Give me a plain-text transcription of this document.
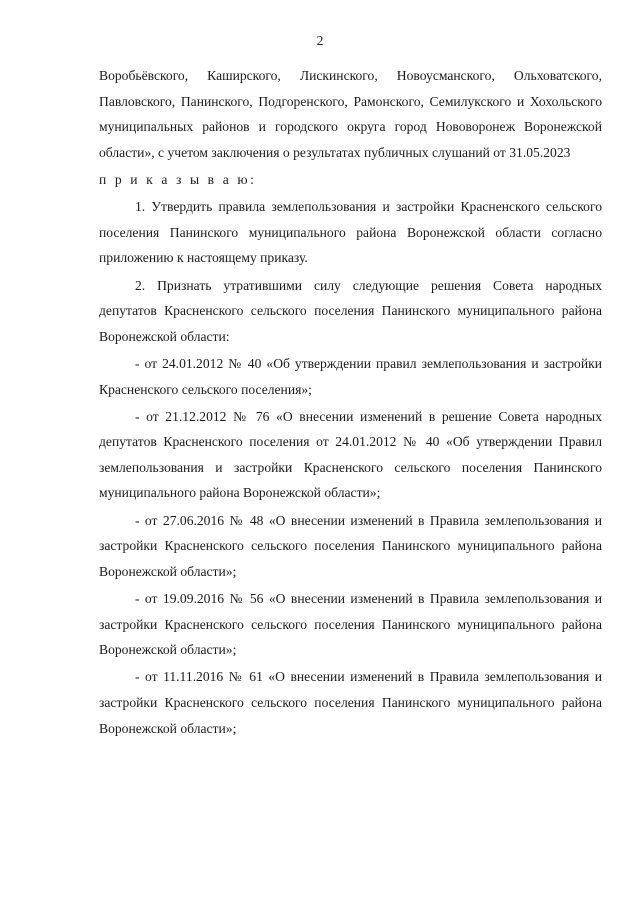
2

Воробьёвского, Каширского, Лискинского, Новоусманского, Ольховатского, Павловского, Панинского, Подгоренского, Рамонского, Семилукского и Хохольского муниципальных районов и городского округа город Нововоронеж Воронежской области», с учетом заключения о результатах публичных слушаний от 31.05.2023

п р и к а з ы в а ю:

1. Утвердить правила землепользования и застройки Красненского сельского поселения Панинского муниципального района Воронежской области согласно приложению к настоящему приказу.

2. Признать утратившими силу следующие решения Совета народных депутатов Красненского сельского поселения Панинского муниципального района Воронежской области:

- от 24.01.2012 № 40 «Об утверждении правил землепользования и застройки Красненского сельского поселения»;

- от 21.12.2012 № 76 «О внесении изменений в решение Совета народных депутатов Красненского поселения от 24.01.2012 № 40 «Об утверждении Правил землепользования и застройки Красненского сельского поселения Панинского муниципального района Воронежской области»;

- от 27.06.2016 № 48 «О внесении изменений в Правила землепользования и застройки Красненского сельского поселения Панинского муниципального района Воронежской области»;

- от 19.09.2016 № 56 «О внесении изменений в Правила землепользования и застройки Красненского сельского поселения Панинского муниципального района Воронежской области»;

- от 11.11.2016 № 61 «О внесении изменений в Правила землепользования и застройки Красненского сельского поселения Панинского муниципального района Воронежской области»;
